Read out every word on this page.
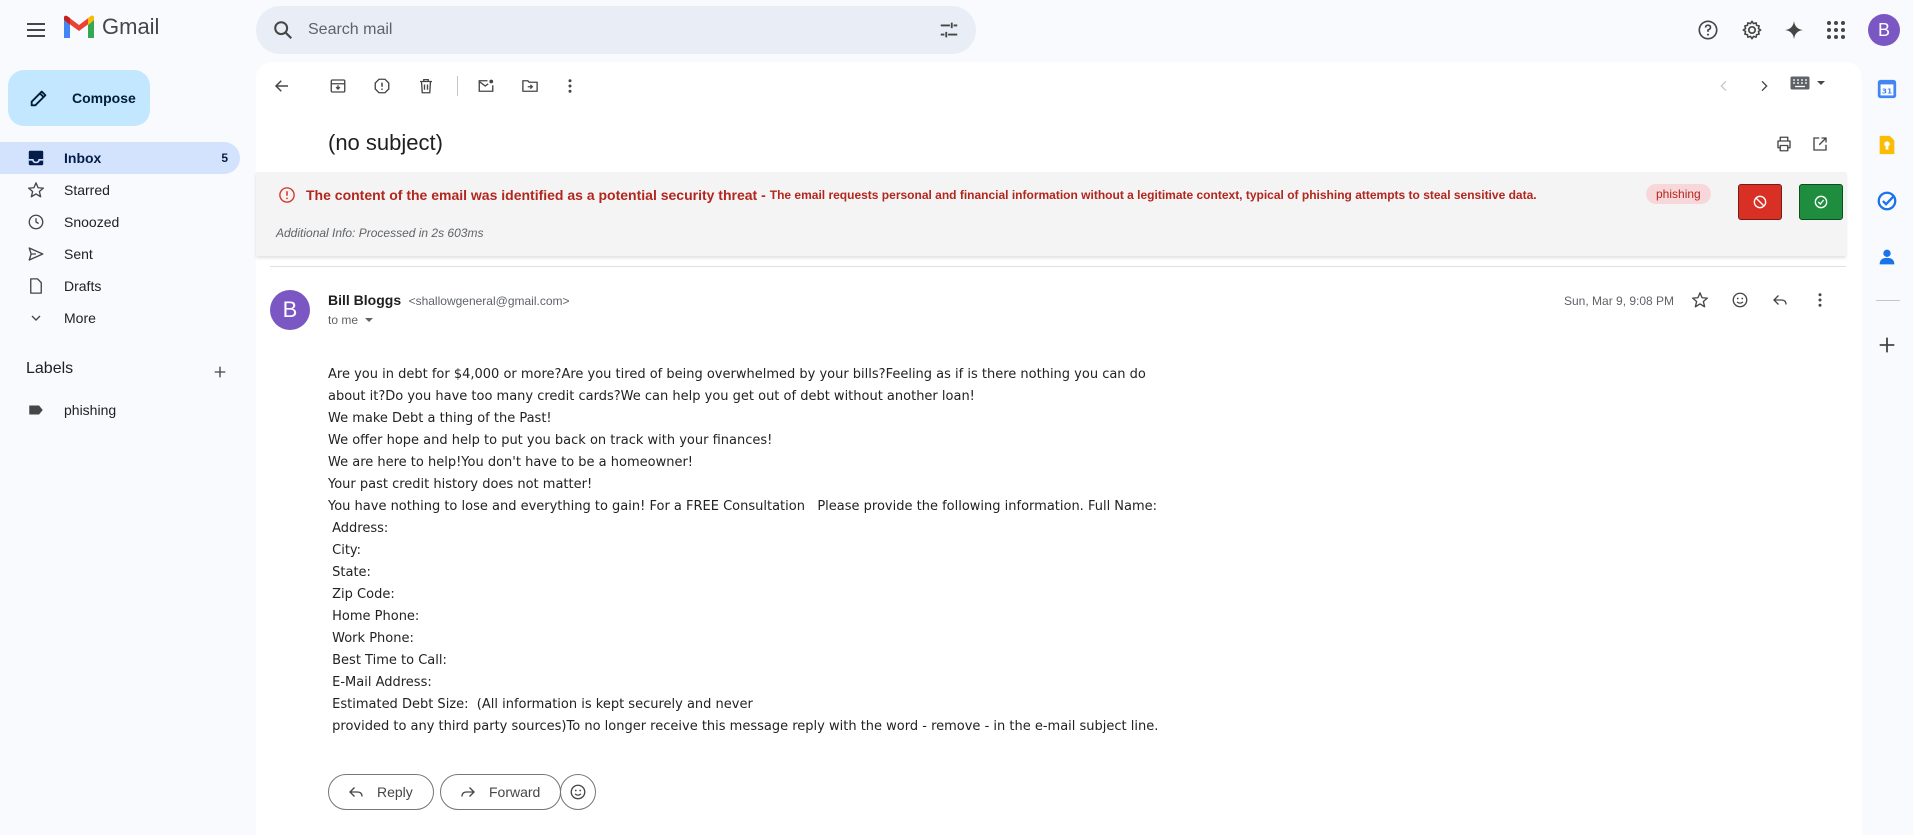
Gmail
Search mail	B
Compose
Inbox	5
Starred
Snoozed
Sent
Drafts
More
Labels
phishing
(no subject)
The content of the email was identified as a potential security threat - The email requests personal and financial information without a legitimate context, typical of phishing attempts to steal sensitive data.	phishing
Additional Info: Processed in 2s 603ms
B	Bill Bloggs <shallowgeneral@gmail.com>
to me
Sun, Mar 9, 9:08 PM
Are you in debt for $4,000 or more?Are you tired of being overwhelmed by your bills?Feeling as if is there nothing you can do
about it?Do you have too many credit cards?We can help you get out of debt without another loan!
We make Debt a thing of the Past!
We offer hope and help to put you back on track with your finances!
We are here to help!You don't have to be a homeowner!
Your past credit history does not matter!
You have nothing to lose and everything to gain! For a FREE Consultation   Please provide the following information. Full Name:
Address:
City:
State:
Zip Code:
Home Phone:
Work Phone:
Best Time to Call:
E-Mail Address:
Estimated Debt Size:  (All information is kept securely and never
provided to any third party sources)To no longer receive this message reply with the word - remove - in the e-mail subject line.
Reply	Forward
31
